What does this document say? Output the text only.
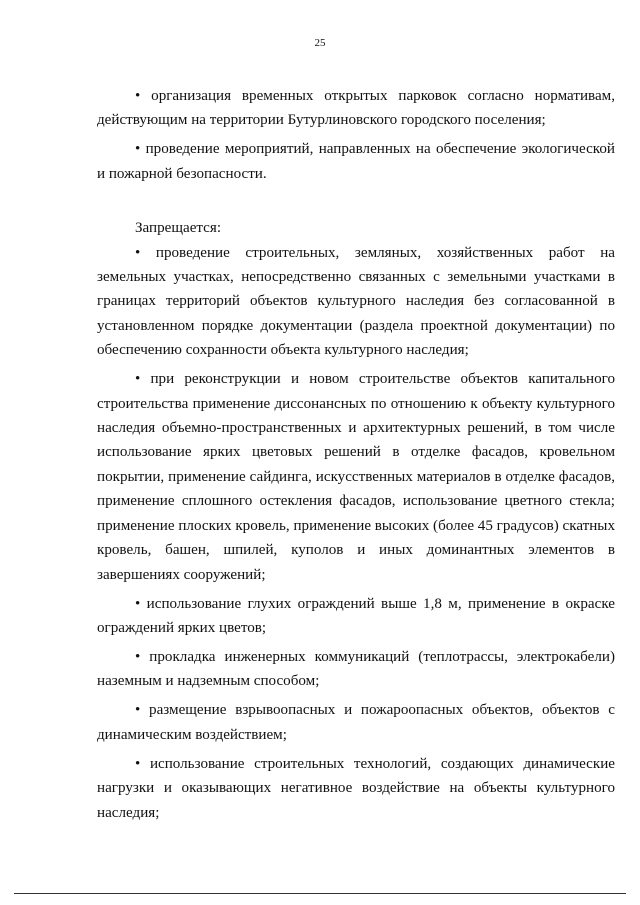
25

• организация временных открытых парковок согласно нормативам, действующим на территории Бутурлиновского городского поселения;

• проведение мероприятий, направленных на обеспечение экологической и пожарной безопасности.

Запрещается:

• проведение строительных, земляных, хозяйственных работ на земельных участках, непосредственно связанных с земельными участками в границах территорий объектов культурного наследия без согласованной в установленном порядке документации (раздела проектной документации) по обеспечению сохранности объекта культурного наследия;

• при реконструкции и новом строительстве объектов капитального строительства применение диссонансных по отношению к объекту культурного наследия объемно-пространственных и архитектурных решений, в том числе использование ярких цветовых решений в отделке фасадов, кровельном покрытии, применение сайдинга, искусственных материалов в отделке фасадов, применение сплошного остекления фасадов, использование цветного стекла; применение плоских кровель, применение высоких (более 45 градусов) скатных кровель, башен, шпилей, куполов и иных доминантных элементов в завершениях сооружений;

• использование глухих ограждений выше 1,8 м, применение в окраске ограждений ярких цветов;

• прокладка инженерных коммуникаций (теплотрассы, электрокабели) наземным и надземным способом;

• размещение взрывоопасных и пожароопасных объектов, объектов с динамическим воздействием;

• использование строительных технологий, создающих динамические нагрузки и оказывающих негативное воздействие на объекты культурного наследия;
